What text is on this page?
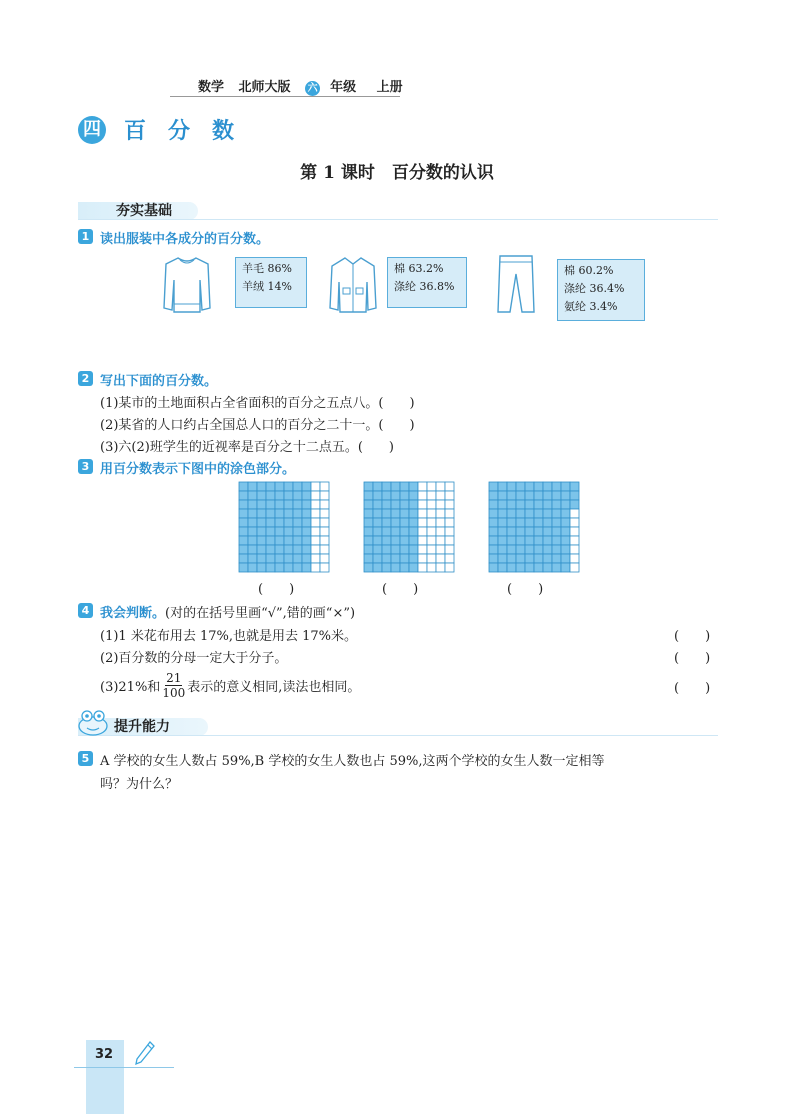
数学 北师大版 六 年级 上册
四 百分数
第 1 课时　百分数的认识
夯实基础
1 读出服装中各成分的百分数。
羊毛 86%
羊绒 14%
棉 63.2%
涤纶 36.8%
棉 60.2%
涤纶 36.4%
氨纶 3.4%
2 写出下面的百分数。
(1)某市的土地面积占全省面积的百分之五点八。(　　)
(2)某省的人口约占全国总人口的百分之二十一。(　　)
(3)六(2)班学生的近视率是百分之十二点五。(　　)
3 用百分数表示下图中的涂色部分。
(　　)	(　　)	(　　)
4 我会判断。(对的在括号里画“√”,错的画“×”)
(1)1 米花布用去 17%,也就是用去 17%米。	(　　)
(2)百分数的分母一定大于分子。	(　　)
(3)21%和 $\frac{21}{100}$ 表示的意义相同,读法也相同。	(　　)
提升能力
5 A 学校的女生人数占 59%,B 学校的女生人数也占 59%,这两个学校的女生人数一定相等
吗？为什么？
32
